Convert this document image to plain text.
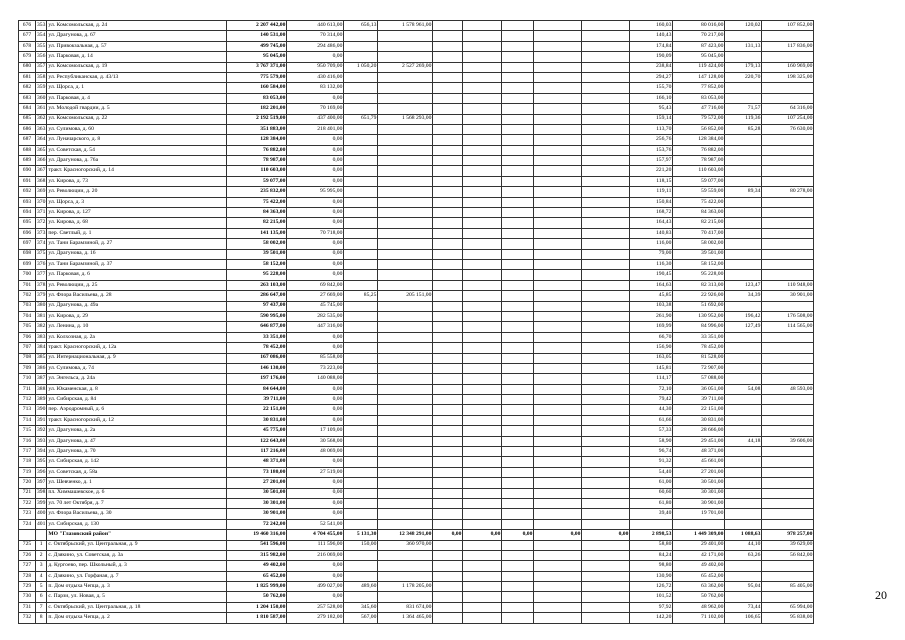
676	353	ул. Комсомольская, д. 24	2 207 442,00	440 613,00	656,13	1 578 961,00						160,03	80 016,00	120,02	107 852,00
677	354	ул. Драгунова, д. 67	140 531,00	70 314,00								140,43	70 217,00		
678	355	ул. Привокзальная, д. 57	499 745,00	294 486,00								174,84	87 423,00	131,13	117 836,00
679	356	ул. Парковая, д. 14	95 045,00	0,00								190,09	95 045,00		
680	357	ул. Комсомольская, д. 19	3 767 371,00	950 709,00	1 050,20	2 527 269,00						238,84	119 424,00	179,13	160 969,00
681	358	ул. Республиканская, д. 43/13	775 579,00	430 416,00								294,27	147 128,00	220,70	198 325,00
682	359	ул. Щорса, д. 1	160 584,00	83 132,00								155,70	77 852,00		
683	360	ул. Парковая, д. 4	83 053,00	0,00								166,10	83 053,00		
684	361	ул. Молодой гвардии, д. 5	182 201,00	70 169,00								95,43	47 716,00	71,57	64 316,00
685	362	ул. Комсомольская, д. 22	2 192 519,00	437 400,00	651,79	1 568 293,00						159,14	79 572,00	119,36	107 254,00
686	363	ул. Сулимова, д. 60	351 883,00	218 401,00								113,70	56 852,00	85,28	76 630,00
687	364	ул. Луначарского, д. 8	128 384,00	0,00								256,76	128 384,00		
688	365	ул. Советская, д. 54	76 882,00	0,00								153,76	76 882,00		
689	366	ул. Драгунова, д. 76а	78 987,00	0,00								157,97	78 987,00		
690	367	тракт. Красногорский, д. 14	110 603,00	0,00								221,20	110 603,00		
691	368	ул. Кирова, д. 73	59 077,00	0,00								118,15	59 077,00		
692	369	ул. Революции, д. 20	235 832,00	95 995,00								119,11	59 559,00	89,34	80 278,00
693	370	ул. Щорса, д. 3	75 422,00	0,00								150,84	75 422,00		
694	371	ул. Кирова, д. 127	84 363,00	0,00								168,72	84 363,00		
695	372	ул. Кирова, д. 68	82 215,00	0,00								164,43	82 215,00		
696	373	пер. Светлый, д. 1	141 135,00	70 718,00								140,83	70 417,00		
697	374	ул. Тани Барамзиной, д. 27	58 002,00	0,00								116,00	58 002,00		
698	375	ул. Драгунова, д. 16	39 501,00	0,00								79,00	39 501,00		
699	376	ул. Тани Барамзиной, д. 37	58 152,00	0,00								116,30	58 152,00		
700	377	ул. Парковая, д. 6	95 228,00	0,00								190,45	95 228,00		
701	378	ул. Революции, д. 25	263 103,00	69 842,00								164,63	82 313,00	123,47	110 948,00
702	379	ул. Флора Васильева, д. 28	286 647,00	27 669,00	85,25	205 151,00						45,85	22 926,00	34,39	30 901,00
703	380	ул. Драгунова, д. 49а	97 437,00	45 745,00								103,38	51 692,00		
704	381	ул. Кирова, д. 29	590 995,00	282 535,00								261,90	130 952,00	196,42	176 508,00
705	382	ул. Ленина, д. 10	646 877,00	447 316,00								169,99	84 996,00	127,49	114 565,00
706	383	ул. Колхозная, д. 2а	33 351,00	0,00								66,70	33 351,00		
707	384	тракт. Красногорский, д. 12а	78 452,00	0,00								156,90	78 452,00		
708	385	ул. Интернациональная, д. 9	167 086,00	85 558,00								163,05	81 528,00		
709	386	ул. Сулимова, д. 74	146 130,00	73 223,00								145,81	72 907,00		
710	387	ул. Энгельса, д. 24а	197 176,00	140 088,00								114,17	57 088,00		
711	388	ул. Юкаменская, д. 8	84 644,00	0,00								72,10	36 051,00	54,08	48 593,00
712	389	ул. Сибирская, д. 84	39 711,00	0,00								79,42	39 711,00		
713	390	пер. Аэродромный, д. 6	22 151,00	0,00								44,30	22 151,00		
714	391	тракт. Красногорский, д. 12	30 831,00	0,00								61,66	30 831,00		
715	392	ул. Драгунова, д. 2а	45 775,00	17 109,00								57,33	28 666,00		
716	393	ул. Драгунова, д. 47	122 643,00	30 568,00								58,90	29 451,00	44,18	39 606,00
717	394	ул. Драгунова, д. 70	117 216,00	48 069,00								96,74	48 371,00		
718	395	ул. Сибирская, д. 142	48 371,00	0,00								91,32	45 661,00		
719	396	ул. Советская, д. 58а	73 180,00	27 519,00								54,40	27 201,00		
720	397	ул. Шевченко, д. 1	27 201,00	0,00								61,00	30 501,00		
721	398	пл. Химмашевское, д. 6	30 501,00	0,00								60,60	30 301,00		
722	399	ул. 70 лет Октября, д. 7	30 301,00	0,00								61,80	30 901,00		
723	400	ул. Флора Васильева, д. 30	30 901,00	0,00								39,40	19 701,00		
724	401	ул. Сибирская, д. 130	72 242,00	52 541,00											
		МО "Глазовский район"	19 460 316,00	4 704 455,00	5 131,30	12 348 291,00	0,00	0,00	0,00	0,00	0,00	2 898,53	1 449 309,00	1 088,63	978 257,00
725	1	с. Октябрьский, ул. Центральная, д. 9	541 596,00	111 596,00	150,00	360 970,00						58,80	29 401,00	44,10	39 629,00
726	2	с. Дзякино, ул. Советская, д. 3а	315 982,00	216 069,00								84,24	42 171,00	63,26	56 842,00
727	3	д. Кургоево, пер. Школьный, д. 3	49 402,00	0,00								98,80	49 402,00		
728	4	с. Дзякино, ул. Горфаная, д. 7	65 452,00	0,00								130,90	65 452,00		
729	5	п. Дом отдыха Чепца, д. 3	1 825 999,00	499 027,00	489,60	1 178 205,00						126,72	63 362,00	95,04	85 405,00
730	6	с. Парзи, ул. Новая, д. 5	50 762,00	0,00								101,52	50 762,00		
731	7	с. Октябрьский, ул. Центральная, д. 18	1 204 150,00	257 528,00	345,60	831 674,00						97,92	48 962,00	73,44	65 994,00
732	8	п. Дом отдыха Чепца, д. 2	1 810 587,00	279 182,00	567,00	1 364 465,00						142,20	71 102,00	106,65	95 838,00
20
